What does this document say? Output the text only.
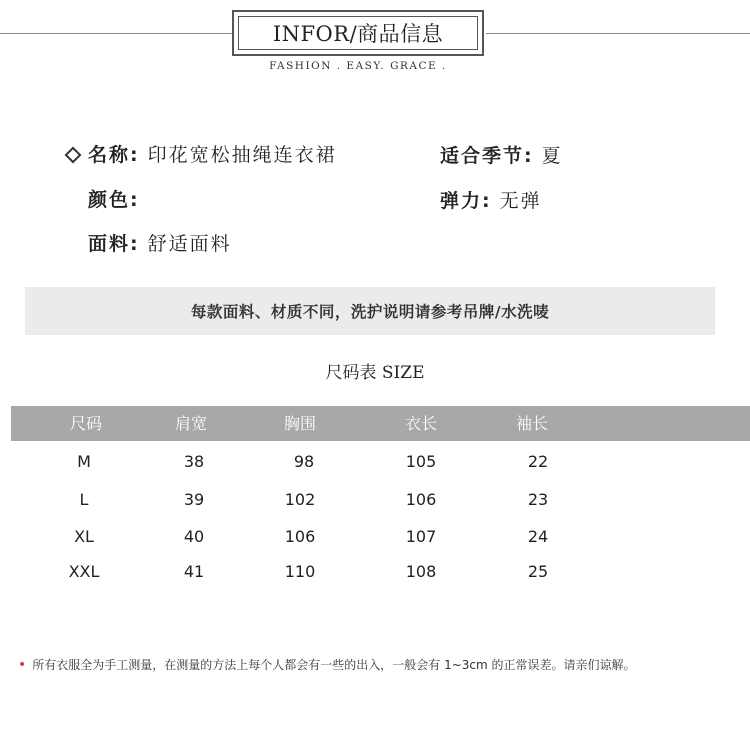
INFOR/商品信息
FASHION . EASY. GRACE .
名称: 印花宽松抽绳连衣裙	适合季节: 夏
颜色:	弹力: 无弹
面料: 舒适面料
每款面料、材质不同，洗护说明请参考吊牌/水洗唛
尺码表 SIZE
尺码	肩宽	胸围	衣长	袖长
M	38	98	105	22
L	39	102	106	23
XL	40	106	107	24
XXL	41	110	108	25
• 所有衣服全为手工测量，在测量的方法上每个人都会有一些的出入，一般会有 1~3cm 的正常误差。请亲们谅解。
